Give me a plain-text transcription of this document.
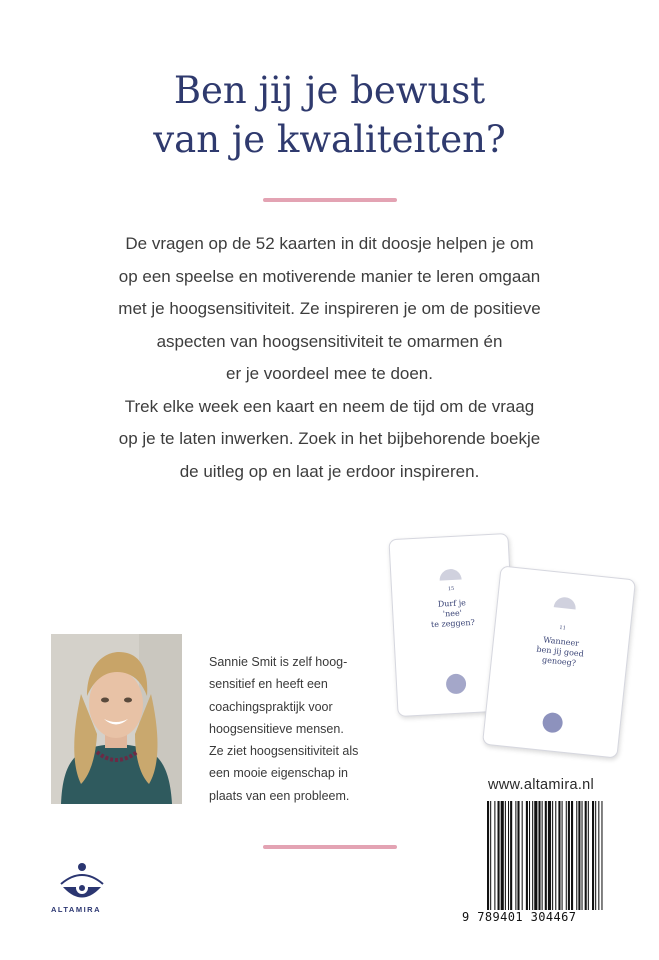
Ben jij je bewust
van je kwaliteiten?
De vragen op de 52 kaarten in dit doosje helpen je om
op een speelse en motiverende manier te leren omgaan
met je hoogsensitiviteit. Ze inspireren je om de positieve
aspecten van hoogsensitiviteit te omarmen én
er je voordeel mee te doen.
Trek elke week een kaart en neem de tijd om de vraag
op je te laten inwerken. Zoek in het bijbehorende boekje
de uitleg op en laat je erdoor inspireren.
15
Durf je
'nee'
te zeggen?	11
Wanneer
ben jij goed
genoeg?
Sannie Smit is zelf hoog-
sensitief en heeft een
coachingspraktijk voor
hoogsensitieve mensen.
Ze ziet hoogsensitiviteit als
een mooie eigenschap in
plaats van een probleem.
www.altamira.nl
9 789401 304467
ALTAMIRA
